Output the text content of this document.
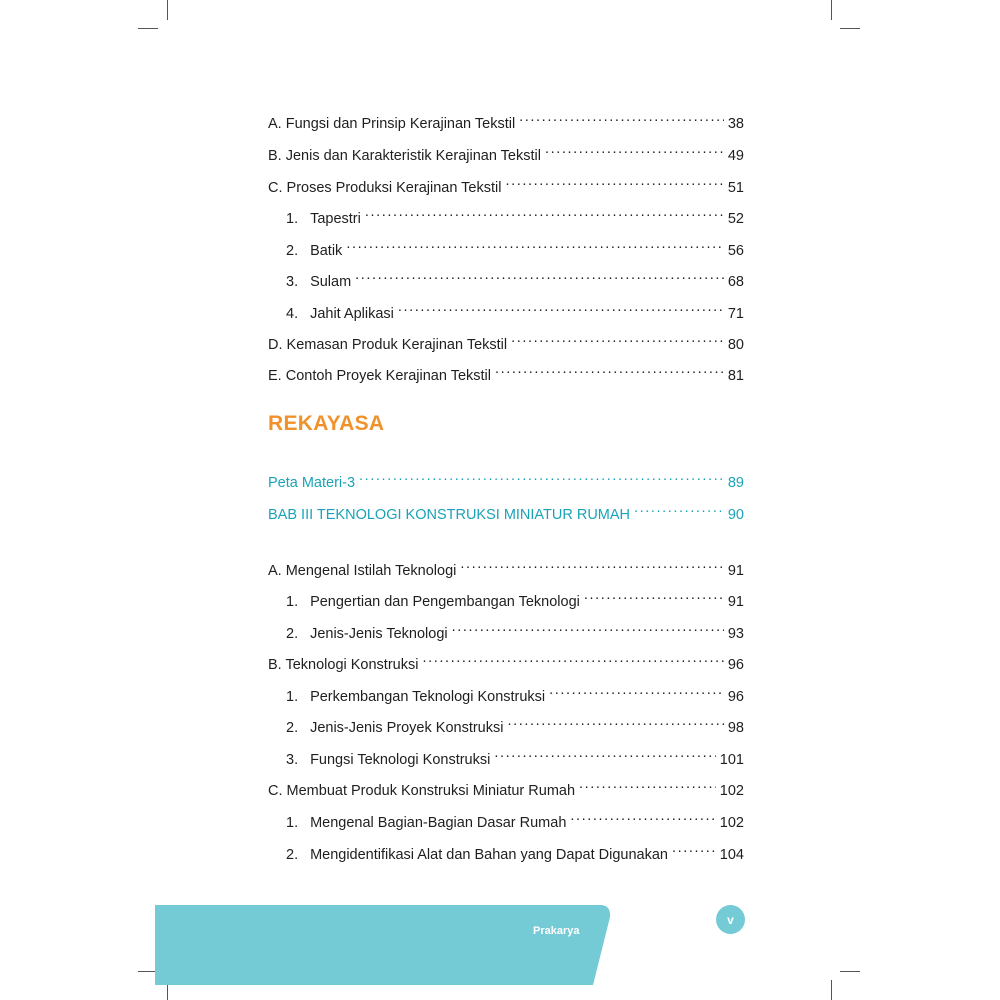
A. Fungsi dan Prinsip Kerajinan Tekstil .....	38
B. Jenis dan Karakteristik Kerajinan Tekstil .....	49
C. Proses Produksi Kerajinan Tekstil .....	51
1. Tapestri .....	52
2. Batik .....	56
3. Sulam .....	68
4. Jahit Aplikasi .....	71
D. Kemasan Produk Kerajinan Tekstil .....	80
E. Contoh Proyek Kerajinan Tekstil .....	81
Peta Materi-3 .....	89
BAB III TEKNOLOGI KONSTRUKSI MINIATUR RUMAH .....	90
A. Mengenal Istilah Teknologi .....	91
1. Pengertian dan Pengembangan Teknologi .....	91
2. Jenis-Jenis Teknologi .....	93
B. Teknologi Konstruksi .....	96
1. Perkembangan Teknologi Konstruksi .....	96
2. Jenis-Jenis Proyek Konstruksi .....	98
3. Fungsi Teknologi Konstruksi .....	101
C. Membuat Produk Konstruksi Miniatur Rumah .....	102
1. Mengenal Bagian-Bagian Dasar Rumah .....	102
2. Mengidentifikasi Alat dan Bahan yang Dapat Digunakan .....	104
REKAYASA
Prakarya
v
